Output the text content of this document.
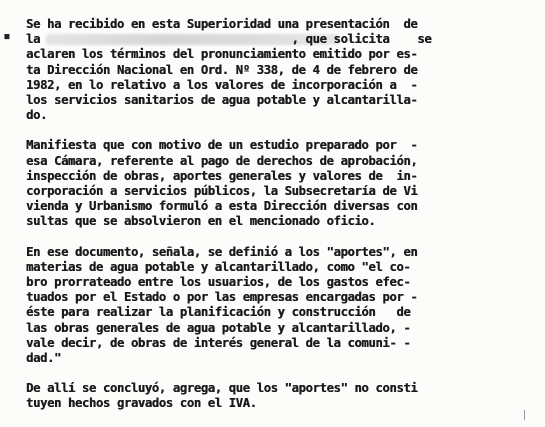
▪

Se ha recibido en esta Superioridad una presentación  de
la                                    , que solicita    se
aclaren los términos del pronunciamiento emitido por es-
ta Dirección Nacional en Ord. Nº 338, de 4 de febrero de
1982, en lo relativo a los valores de incorporación a  -
los servicios sanitarios de agua potable y alcantarilla-
do.

Manifiesta que con motivo de un estudio preparado por  -
esa Cámara, referente al pago de derechos de aprobación,
inspección de obras, aportes generales y valores de  in-
corporación a servicios públicos, la Subsecretaría de Vi
vienda y Urbanismo formuló a esta Dirección diversas con
sultas que se absolvieron en el mencionado oficio.

En ese documento, señala, se definió a los "aportes", en
materias de agua potable y alcantarillado, como "el co-
bro prorrateado entre los usuarios, de los gastos efec-
tuados por el Estado o por las empresas encargadas por -
éste para realizar la planificación y construcción   de
las obras generales de agua potable y alcantarillado, -
vale decir, de obras de interés general de la comuni- -
dad."

De allí se concluyó, agrega, que los "aportes" no consti
tuyen hechos gravados con el IVA.
